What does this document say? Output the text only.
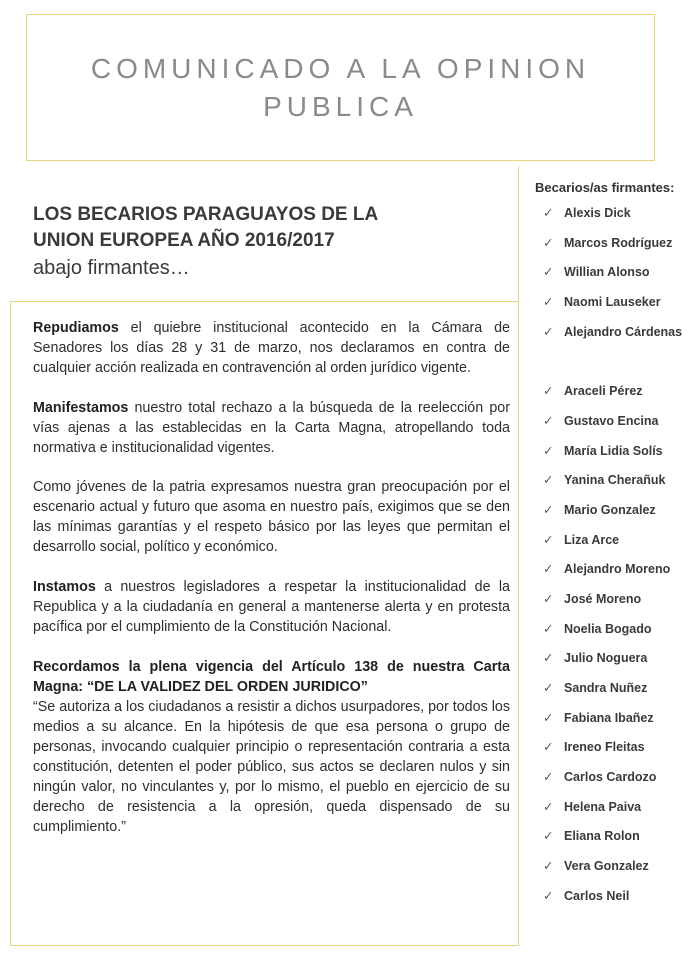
COMUNICADO A LA OPINION PUBLICA
LOS BECARIOS PARAGUAYOS DE LA
UNION EUROPEA AÑO 2016/2017
abajo firmantes…

Repudiamos el quiebre institucional acontecido en la Cámara de Senadores los días 28 y 31 de marzo, nos declaramos en contra de cualquier acción realizada en contravención al orden jurídico vigente.

Manifestamos nuestro total rechazo a la búsqueda de la reelección por vías ajenas a las establecidas en la Carta Magna, atropellando toda normativa e institucionalidad vigentes.

Como jóvenes de la patria expresamos nuestra gran preocupación por el escenario actual y futuro que asoma en nuestro país, exigimos que se den las mínimas garantías y el respeto básico por las leyes que permitan el desarrollo social, político y económico.

Instamos a nuestros legisladores a respetar la institucionalidad de la Republica y a la ciudadanía en general a mantenerse alerta y en protesta pacífica por el cumplimiento de la Constitución Nacional.

Recordamos la plena vigencia del Artículo 138 de nuestra Carta Magna: “DE LA VALIDEZ DEL ORDEN JURIDICO”

“Se autoriza a los ciudadanos a resistir a dichos usurpadores, por todos los medios a su alcance. En la hipótesis de que esa persona o grupo de personas, invocando cualquier principio o representación contraria a esta constitución, detenten el poder público, sus actos se declaren nulos y sin ningún valor, no vinculantes y, por lo mismo, el pueblo en ejercicio de su derecho de resistencia a la opresión, queda dispensado de su cumplimiento.”

Becarios/as firmantes:
✓ Alexis Dick
✓ Marcos Rodríguez
✓ Willian Alonso
✓ Naomi Lauseker
✓ Alejandro Cárdenas
✓ Araceli Pérez
✓ Gustavo Encina
✓ María Lidia Solís
✓ Yanina Cherañuk
✓ Mario Gonzalez
✓ Liza Arce
✓ Alejandro Moreno
✓ José Moreno
✓ Noelia Bogado
✓ Julio Noguera
✓ Sandra Nuñez
✓ Fabiana Ibañez
✓ Ireneo Fleitas
✓ Carlos Cardozo
✓ Helena Paiva
✓ Eliana Rolon
✓ Vera Gonzalez
✓ Carlos Neil
